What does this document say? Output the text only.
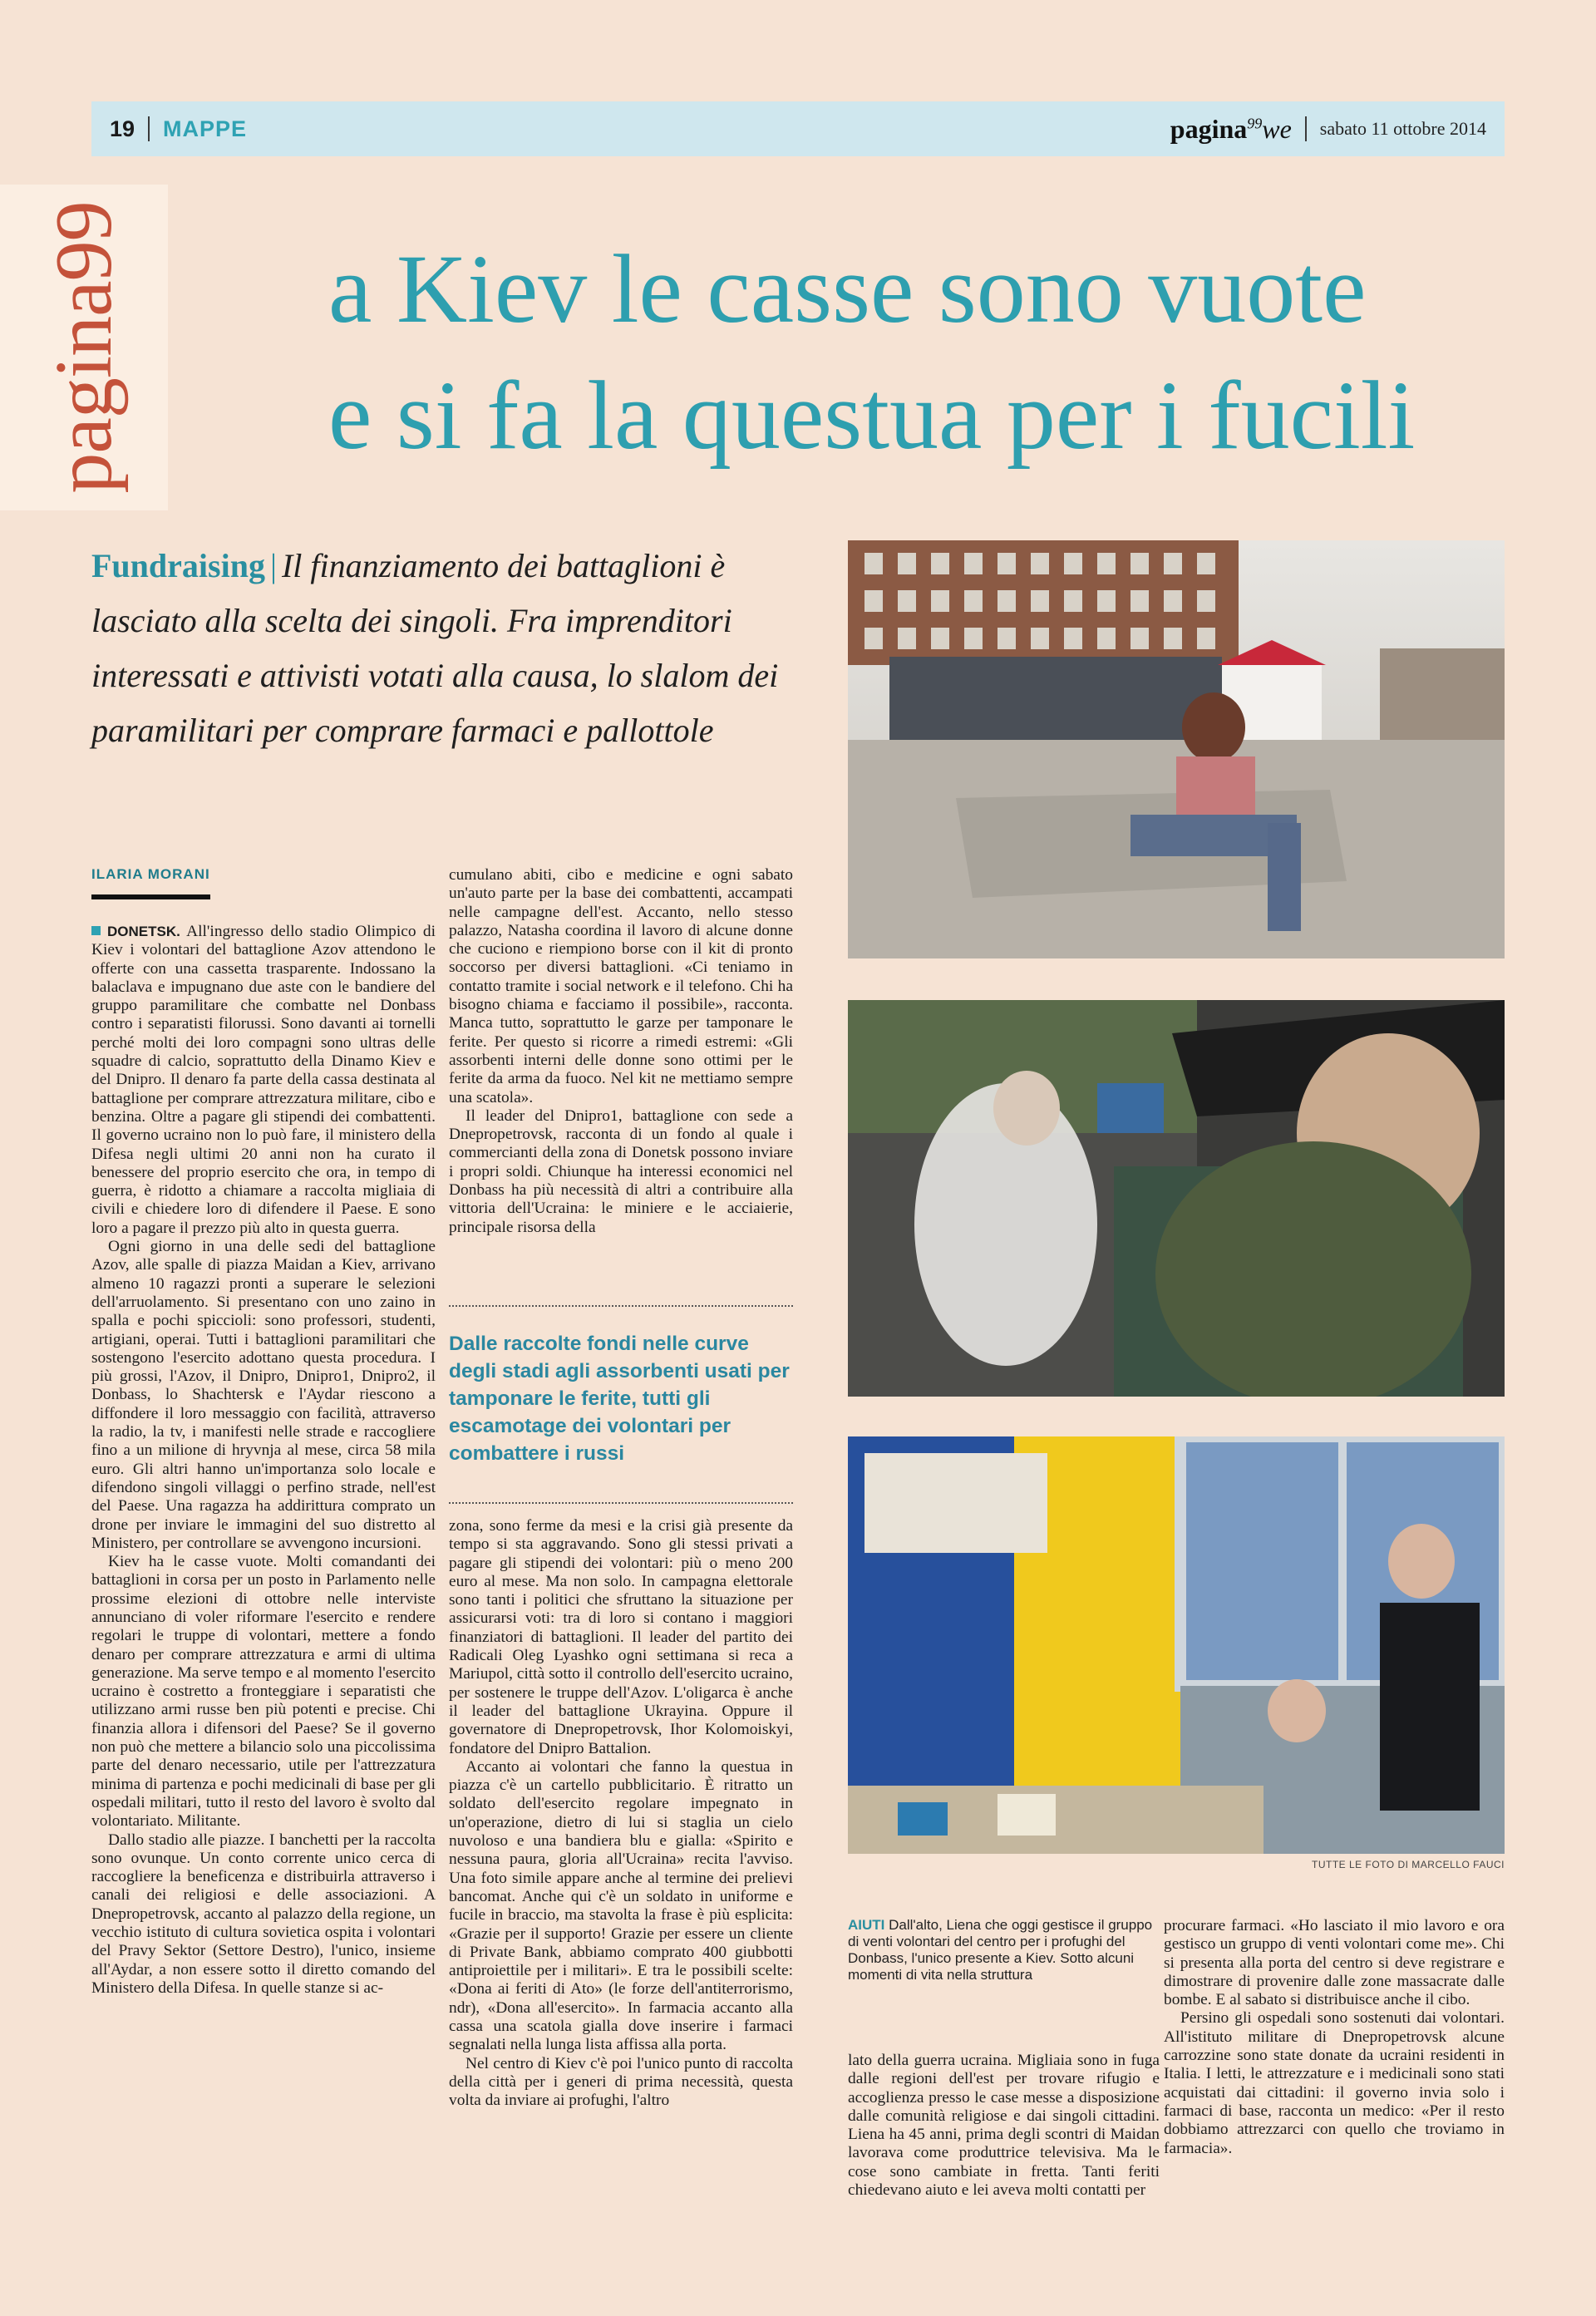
19 MAPPE	pagina$^{99}$we sabato 11 ottobre 2014
pagina99 a Kiev le casse sono vuote
e si fa la questua per i fucili
Fundraising | Il finanziamento dei battaglioni è lasciato alla scelta dei singoli. Fra imprenditori interessati e attivisti votati alla causa, lo slalom dei paramilitari per comprare farmaci e pallottole
TUTTE LE FOTO DI MARCELLO FAUCI
ILARIA MORANI

DONETSK. All'ingresso dello stadio Olimpico di Kiev i volontari del battaglione Azov attendono le offerte con una cassetta trasparente. Indossano la balaclava e impugnano due aste con le bandiere del gruppo paramilitare che combatte nel Donbass contro i separatisti filorussi. Sono davanti ai tornelli perché molti dei loro compagni sono ultras delle squadre di calcio, soprattutto della Dinamo Kiev e del Dnipro. Il denaro fa parte della cassa destinata al battaglione per comprare attrezzatura militare, cibo e benzina. Oltre a pagare gli stipendi dei combattenti. Il governo ucraino non lo può fare, il ministero della Difesa negli ultimi 20 anni non ha curato il benessere del proprio esercito che ora, in tempo di guerra, è ridotto a chiamare a raccolta migliaia di civili e chiedere loro di difendere il Paese. E sono loro a pagare il prezzo più alto in questa guerra.

Ogni giorno in una delle sedi del battaglione Azov, alle spalle di piazza Maidan a Kiev, arrivano almeno 10 ragazzi pronti a superare le selezioni dell'arruolamento. Si presentano con uno zaino in spalla e pochi spiccioli: sono professori, studenti, artigiani, operai. Tutti i battaglioni paramilitari che sostengono l'esercito adottano questa procedura. I più grossi, l'Azov, il Dnipro, Dnipro1, Dnipro2, il Donbass, lo Shachtersk e l'Aydar riescono a diffondere il loro messaggio con facilità, attraverso la radio, la tv, i manifesti nelle strade e raccogliere fino a un milione di hryvnja al mese, circa 58 mila euro. Gli altri hanno un'importanza solo locale e difendono singoli villaggi o perfino strade, nell'est del Paese. Una ragazza ha addirittura comprato un drone per inviare le immagini del suo distretto al Ministero, per controllare se avvengono incursioni.

Kiev ha le casse vuote. Molti comandanti dei battaglioni in corsa per un posto in Parlamento nelle prossime elezioni di ottobre nelle interviste annunciano di voler riformare l'esercito e rendere regolari le truppe di volontari, mettere a fondo denaro per comprare attrezzatura e armi di ultima generazione. Ma serve tempo e al momento l'esercito ucraino è costretto a fronteggiare i separatisti che utilizzano armi russe ben più potenti e precise. Chi finanzia allora i difensori del Paese? Se il governo non può che mettere a bilancio solo una piccolissima parte del denaro necessario, utile per l'attrezzatura minima di partenza e pochi medicinali di base per gli ospedali militari, tutto il resto del lavoro è svolto dal volontariato. Militante.

Dallo stadio alle piazze. I banchetti per la raccolta sono ovunque. Un conto corrente unico cerca di raccogliere la beneficenza e distribuirla attraverso i canali dei religiosi e delle associazioni. A Dnepropetrovsk, accanto al palazzo della regione, un vecchio istituto di cultura sovietica ospita i volontari del Pravy Sektor (Settore Destro), l'unico, insieme all'Aydar, a non essere sotto il diretto comando del Ministero della Difesa. In quelle stanze si ac-

cumulano abiti, cibo e medicine e ogni sabato un'auto parte per la base dei combattenti, accampati nelle campagne dell'est. Accanto, nello stesso palazzo, Natasha coordina il lavoro di alcune donne che cuciono e riempiono borse con il kit di pronto soccorso per diversi battaglioni. «Ci teniamo in contatto tramite i social network e il telefono. Chi ha bisogno chiama e facciamo il possibile», racconta. Manca tutto, soprattutto le garze per tamponare le ferite. Per questo si ricorre a rimedi estremi: «Gli assorbenti interni delle donne sono ottimi per le ferite da arma da fuoco. Nel kit ne mettiamo sempre una scatola».

Il leader del Dnipro1, battaglione con sede a Dnepropetrovsk, racconta di un fondo al quale i commercianti della zona di Donetsk possono inviare i propri soldi. Chiunque ha interessi economici nel Donbass ha più necessità di altri a contribuire alla vittoria dell'Ucraina: le miniere e le acciaierie, principale risorsa della

Dalle raccolte fondi nelle curve degli stadi agli assorbenti usati per tamponare le ferite, tutti gli escamotage dei volontari per combattere i russi

zona, sono ferme da mesi e la crisi già presente da tempo si sta aggravando. Sono gli stessi privati a pagare gli stipendi dei volontari: più o meno 200 euro al mese. Ma non solo. In campagna elettorale sono tanti i politici che sfruttano la situazione per assicurarsi voti: tra di loro si contano i maggiori finanziatori di battaglioni. Il leader del partito dei Radicali Oleg Lyashko ogni settimana si reca a Mariupol, città sotto il controllo dell'esercito ucraino, per sostenere le truppe dell'Azov. L'oligarca è anche il leader del battaglione Ukrayina. Oppure il governatore di Dnepropetrovsk, Ihor Kolomoiskyi, fondatore del Dnipro Battalion.

Accanto ai volontari che fanno la questua in piazza c'è un cartello pubblicitario. È ritratto un soldato dell'esercito regolare impegnato in un'operazione, dietro di lui si staglia un cielo nuvoloso e una bandiera blu e gialla: «Spirito e nessuna paura, gloria all'Ucraina» recita l'avviso. Una foto simile appare anche al termine dei prelievi bancomat. Anche qui c'è un soldato in uniforme e fucile in braccio, ma stavolta la frase è più esplicita: «Grazie per il supporto! Grazie per essere un cliente di Private Bank, abbiamo comprato 400 giubbotti antiproiettile per i militari». E tra le possibili scelte: «Dona ai feriti di Ato» (le forze dell'antiterrorismo, ndr), «Dona all'esercito». In farmacia accanto alla cassa una scatola gialla dove inserire i farmaci segnalati nella lunga lista affissa alla porta.

Nel centro di Kiev c'è poi l'unico punto di raccolta della città per i generi di prima necessità, questa volta da inviare ai profughi, l'altro

AIUTI Dall'alto, Liena che oggi gestisce il gruppo di venti volontari del centro per i profughi del Donbass, l'unico presente a Kiev. Sotto alcuni momenti di vita nella struttura

lato della guerra ucraina. Migliaia sono in fuga dalle regioni dell'est per trovare rifugio e accoglienza presso le case messe a disposizione dalle comunità religiose e dai singoli cittadini. Liena ha 45 anni, prima degli scontri di Maidan lavorava come produttrice televisiva. Ma le cose sono cambiate in fretta. Tanti feriti chiedevano aiuto e lei aveva molti contatti per

procurare farmaci. «Ho lasciato il mio lavoro e ora gestisco un gruppo di venti volontari come me». Chi si presenta alla porta del centro si deve registrare e dimostrare di provenire dalle zone massacrate dalle bombe. E al sabato si distribuisce anche il cibo.

Persino gli ospedali sono sostenuti dai volontari. All'istituto militare di Dnepropetrovsk alcune carrozzine sono state donate da ucraini residenti in Italia. I letti, le attrezzature e i medicinali sono stati acquistati dai cittadini: il governo invia solo i farmaci di base, racconta un medico: «Per il resto dobbiamo attrezzarci con quello che troviamo in farmacia».
